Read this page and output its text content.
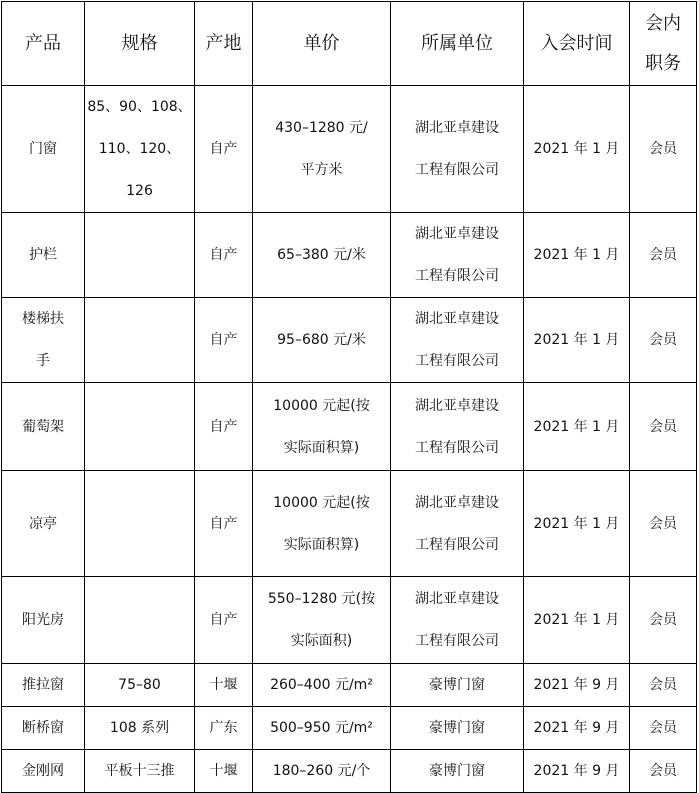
产品	规格	产地	单价	所属单位	入会时间	会内
职务

门窗	85、90、108、
110、120、126	自产	430–1280 元/
平方米	湖北亚卓建设
工程有限公司	2021 年 1 月	会员

护栏		自产	65–380 元/米	湖北亚卓建设
工程有限公司	2021 年 1 月	会员

楼梯扶
手		自产	95–680 元/米	湖北亚卓建设
工程有限公司	2021 年 1 月	会员

葡萄架		自产	10000 元起(按
实际面积算)	湖北亚卓建设
工程有限公司	2021 年 1 月	会员

凉亭		自产	10000 元起(按
实际面积算)	湖北亚卓建设
工程有限公司	2021 年 1 月	会员

阳光房		自产	550–1280 元(按
实际面积)	湖北亚卓建设
工程有限公司	2021 年 1 月	会员

推拉窗	75–80	十堰	260–400 元/m²	豪博门窗	2021 年 9 月	会员

断桥窗	108 系列	广东	500–950 元/m²	豪博门窗	2021 年 9 月	会员

金刚网	平板十三推	十堰	180–260 元/个	豪博门窗	2021 年 9 月	会员
